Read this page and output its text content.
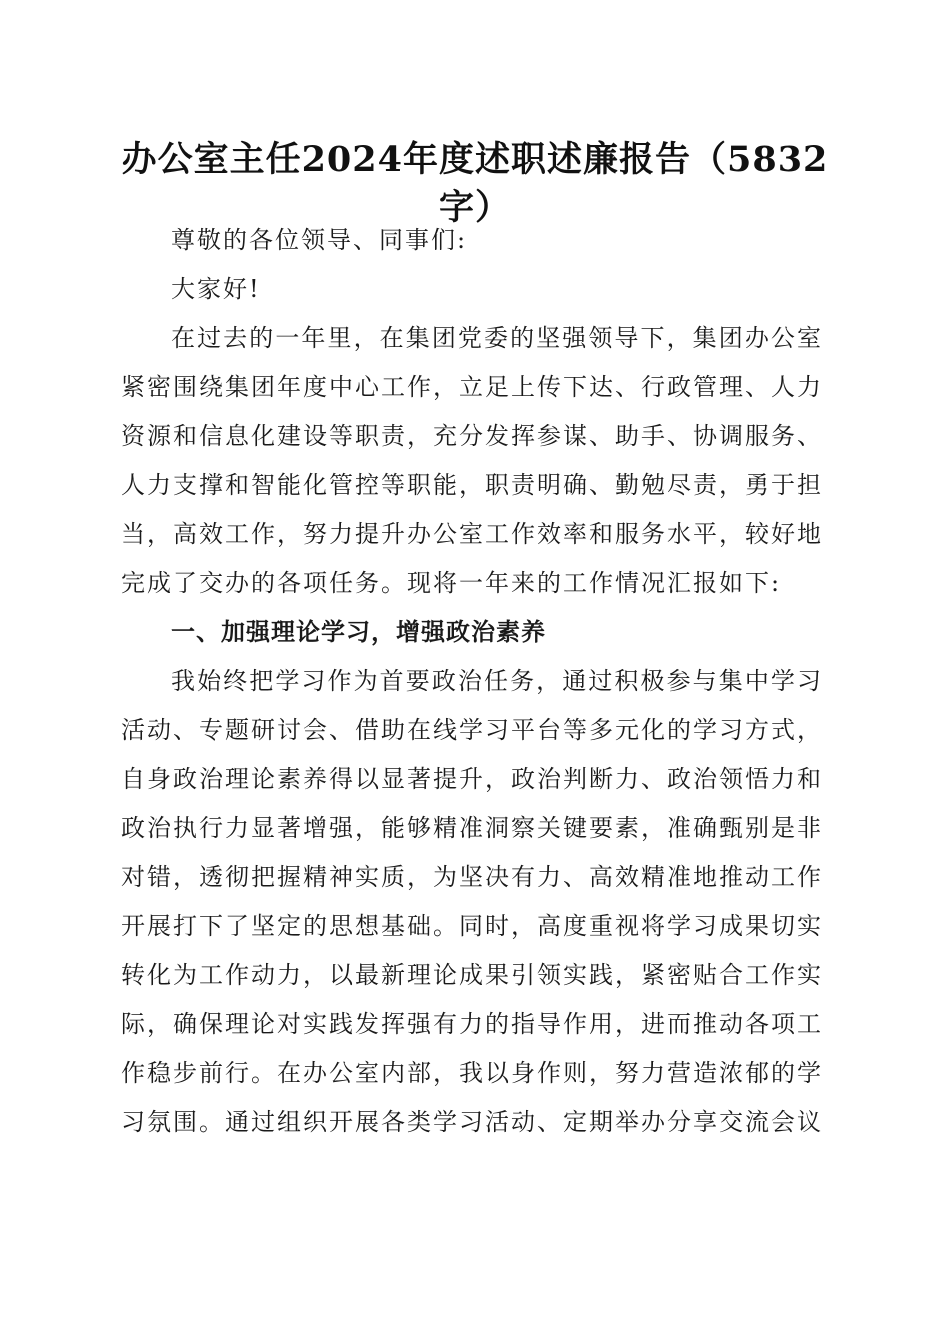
办公室主任2024年度述职述廉报告（5832字）

尊敬的各位领导、同事们:

大家好!

在过去的一年里，在集团党委的坚强领导下，集团办公室紧密围绕集团年度中心工作，立足上传下达、行政管理、人力资源和信息化建设等职责，充分发挥参谋、助手、协调服务、人力支撑和智能化管控等职能，职责明确、勤勉尽责，勇于担当，高效工作，努力提升办公室工作效率和服务水平，较好地完成了交办的各项任务。现将一年来的工作情况汇报如下:

一、加强理论学习，增强政治素养

我始终把学习作为首要政治任务，通过积极参与集中学习活动、专题研讨会、借助在线学习平台等多元化的学习方式，自身政治理论素养得以显著提升，政治判断力、政治领悟力和政治执行力显著增强，能够精准洞察关键要素，准确甄别是非对错，透彻把握精神实质，为坚决有力、高效精准地推动工作开展打下了坚定的思想基础。同时，高度重视将学习成果切实转化为工作动力，以最新理论成果引领实践，紧密贴合工作实际，确保理论对实践发挥强有力的指导作用，进而推动各项工作稳步前行。在办公室内部，我以身作则，努力营造浓郁的学习氛围。通过组织开展各类学习活动、定期举办分享交流会议
